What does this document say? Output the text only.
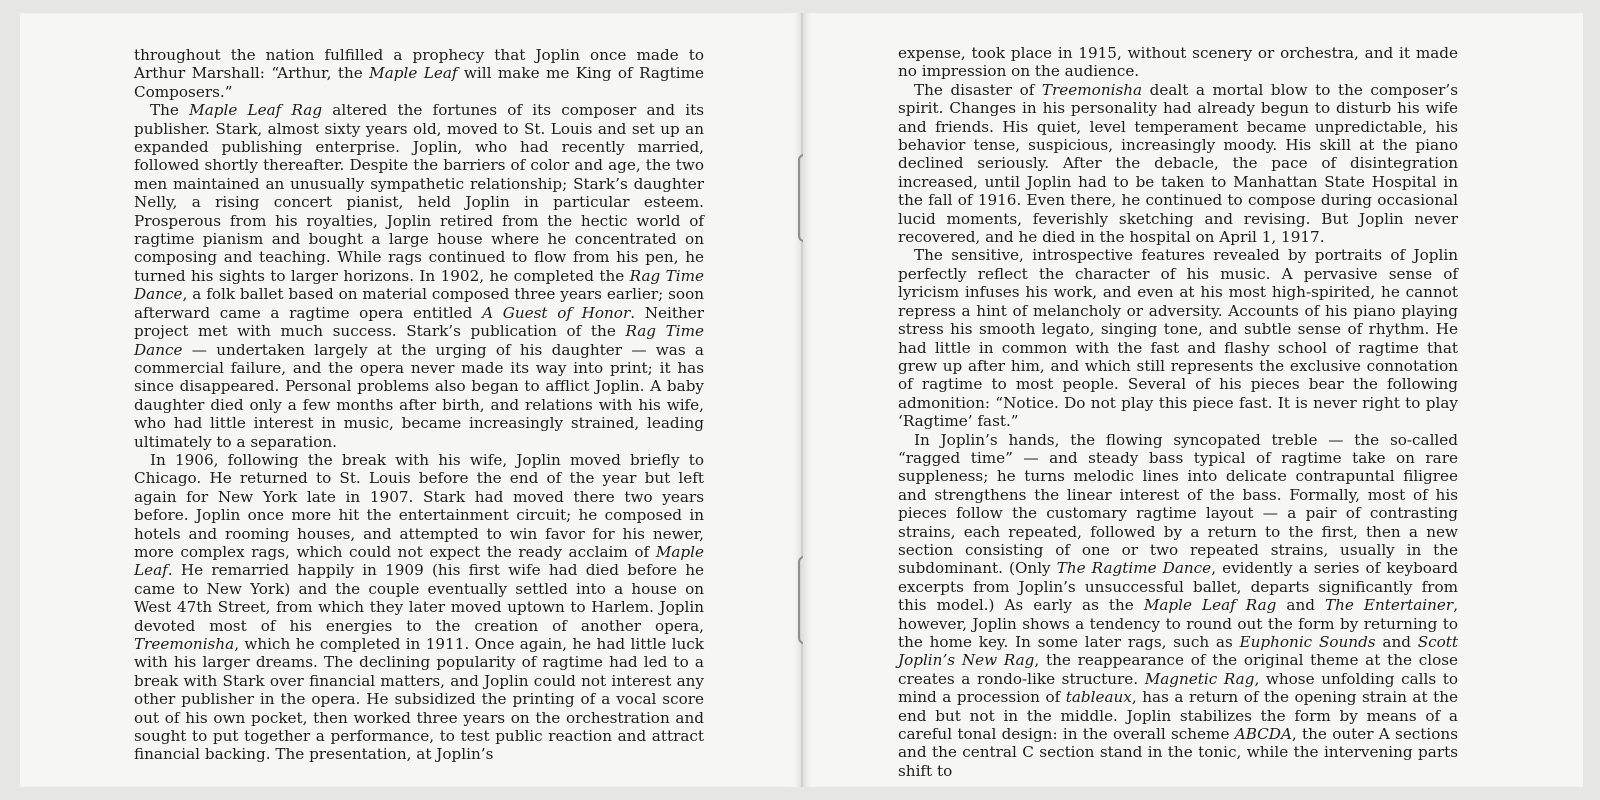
throughout the nation fulfilled a prophecy that Joplin once made to Arthur Marshall: “Arthur, the Maple Leaf will make me King of Ragtime Composers.”

The Maple Leaf Rag altered the fortunes of its composer and its publisher. Stark, almost sixty years old, moved to St. Louis and set up an expanded publishing enterprise. Joplin, who had recently married, followed shortly thereafter. Despite the barriers of color and age, the two men maintained an unusually sympathetic relationship; Stark’s daughter Nelly, a rising concert pianist, held Joplin in particular esteem. Prosperous from his royalties, Joplin retired from the hectic world of ragtime pianism and bought a large house where he concentrated on composing and teaching. While rags continued to flow from his pen, he turned his sights to larger horizons. In 1902, he completed the Rag Time Dance, a folk ballet based on material composed three years earlier; soon afterward came a ragtime opera entitled A Guest of Honor. Neither project met with much success. Stark’s publication of the Rag Time Dance — undertaken largely at the urging of his daughter — was a commercial failure, and the opera never made its way into print; it has since disappeared. Personal problems also began to afflict Joplin. A baby daughter died only a few months after birth, and relations with his wife, who had little interest in music, became increasingly strained, leading ultimately to a separation.

In 1906, following the break with his wife, Joplin moved briefly to Chicago. He returned to St. Louis before the end of the year but left again for New York late in 1907. Stark had moved there two years before. Joplin once more hit the entertainment circuit; he composed in hotels and rooming houses, and attempted to win favor for his newer, more complex rags, which could not expect the ready acclaim of Maple Leaf. He remarried happily in 1909 (his first wife had died before he came to New York) and the couple eventually settled into a house on West 47th Street, from which they later moved uptown to Harlem. Joplin devoted most of his energies to the creation of another opera, Treemonisha, which he completed in 1911. Once again, he had little luck with his larger dreams. The declining popularity of ragtime had led to a break with Stark over financial matters, and Joplin could not interest any other publisher in the opera. He subsidized the printing of a vocal score out of his own pocket, then worked three years on the orchestration and sought to put together a performance, to test public reaction and attract financial backing. The presentation, at Joplin’s

expense, took place in 1915, without scenery or orchestra, and it made no impression on the audience.

The disaster of Treemonisha dealt a mortal blow to the composer’s spirit. Changes in his personality had already begun to disturb his wife and friends. His quiet, level temperament became unpredictable, his behavior tense, suspicious, increasingly moody. His skill at the piano declined seriously. After the debacle, the pace of disintegration increased, until Joplin had to be taken to Manhattan State Hospital in the fall of 1916. Even there, he continued to compose during occasional lucid moments, feverishly sketching and revising. But Joplin never recovered, and he died in the hospital on April 1, 1917.

The sensitive, introspective features revealed by portraits of Joplin perfectly reflect the character of his music. A pervasive sense of lyricism infuses his work, and even at his most high-spirited, he cannot repress a hint of melancholy or adversity. Accounts of his piano playing stress his smooth legato, singing tone, and subtle sense of rhythm. He had little in common with the fast and flashy school of ragtime that grew up after him, and which still represents the exclusive connotation of ragtime to most people. Several of his pieces bear the following admonition: “Notice. Do not play this piece fast. It is never right to play ‘Ragtime’ fast.”

In Joplin’s hands, the flowing syncopated treble — the so-called “ragged time” — and steady bass typical of ragtime take on rare suppleness; he turns melodic lines into delicate contrapuntal filigree and strengthens the linear interest of the bass. Formally, most of his pieces follow the customary ragtime layout — a pair of contrasting strains, each repeated, followed by a return to the first, then a new section consisting of one or two repeated strains, usually in the subdominant. (Only The Ragtime Dance, evidently a series of keyboard excerpts from Joplin’s unsuccessful ballet, departs significantly from this model.) As early as the Maple Leaf Rag and The Entertainer, however, Joplin shows a tendency to round out the form by returning to the home key. In some later rags, such as Euphonic Sounds and Scott Joplin’s New Rag, the reappearance of the original theme at the close creates a rondo-like structure. Magnetic Rag, whose unfolding calls to mind a procession of tableaux, has a return of the opening strain at the end but not in the middle. Joplin stabilizes the form by means of a careful tonal design: in the overall scheme ABCDA, the outer A sections and the central C section stand in the tonic, while the intervening parts shift to
